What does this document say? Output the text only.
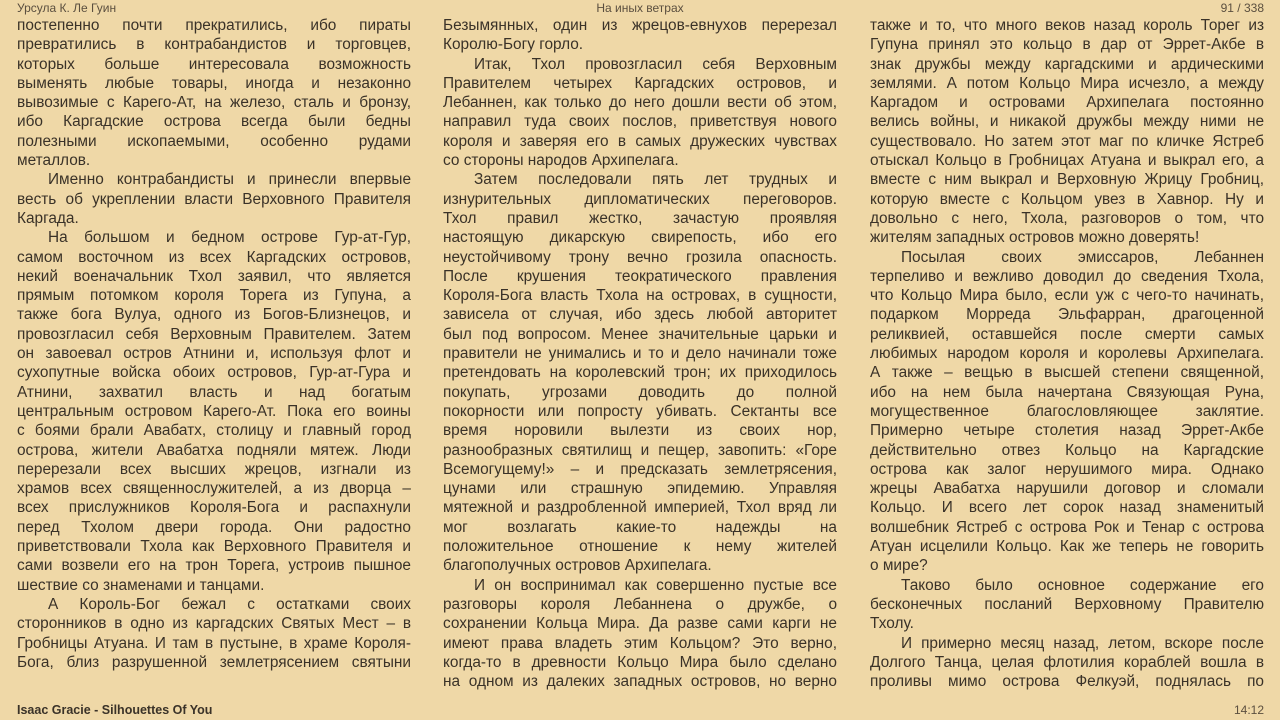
Урсула К. Ле Гуин	На иных ветрах	91 / 338
постепенно почти прекратились, ибо пираты
превратились в контрабандистов и торговцев,
которых больше интересовала возможность
выменять любые товары, иногда и незаконно
вывозимые с Карего-Ат, на железо, сталь и бронзу,
ибо Каргадские острова всегда были бедны
полезными ископаемыми, особенно рудами
металлов.
Именно контрабандисты и принесли впервые
весть об укреплении власти Верховного Правителя
Каргада.
На большом и бедном острове Гур-ат-Гур,
самом восточном из всех Каргадских островов,
некий военачальник Тхол заявил, что является
прямым потомком короля Торега из Гупуна, а
также бога Вулуа, одного из Богов-Близнецов, и
провозгласил себя Верховным Правителем. Затем
он завоевал остров Атнини и, используя флот и
сухопутные войска обоих островов, Гур-ат-Гура и
Атнини, захватил власть и над богатым
центральным островом Карего-Ат. Пока его воины
с боями брали Авабатх, столицу и главный город
острова, жители Авабатха подняли мятеж. Люди
перерезали всех высших жрецов, изгнали из
храмов всех священнослужителей, а из дворца –
всех прислужников Короля-Бога и распахнули
перед Тхолом двери города. Они радостно
приветствовали Тхола как Верховного Правителя и
сами возвели его на трон Торега, устроив пышное
шествие со знаменами и танцами.
А Король-Бог бежал с остатками своих
сторонников в одно из каргадских Святых Мест – в
Гробницы Атуана. И там в пустыне, в храме Короля-
Бога, близ разрушенной землетрясением святыни
Безымянных, один из жрецов-евнухов перерезал
Королю-Богу горло.
Итак, Тхол провозгласил себя Верховным
Правителем четырех Каргадских островов, и
Лебаннен, как только до него дошли вести об этом,
направил туда своих послов, приветствуя нового
короля и заверяя его в самых дружеских чувствах
со стороны народов Архипелага.
Затем последовали пять лет трудных и
изнурительных дипломатических переговоров.
Тхол правил жестко, зачастую проявляя
настоящую дикарскую свирепость, ибо его
неустойчивому трону вечно грозила опасность.
После крушения теократического правления
Короля-Бога власть Тхола на островах, в сущности,
зависела от случая, ибо здесь любой авторитет
был под вопросом. Менее значительные царьки и
правители не унимались и то и дело начинали тоже
претендовать на королевский трон; их приходилось
покупать, угрозами доводить до полной
покорности или попросту убивать. Сектанты все
время норовили вылезти из своих нор,
разнообразных святилищ и пещер, завопить: «Горе
Всемогущему!» – и предсказать землетрясения,
цунами или страшную эпидемию. Управляя
мятежной и раздробленной империей, Тхол вряд ли
мог возлагать какие-то надежды на
положительное отношение к нему жителей
благополучных островов Архипелага.
И он воспринимал как совершенно пустые все
разговоры короля Лебаннена о дружбе, о
сохранении Кольца Мира. Да разве сами карги не
имеют права владеть этим Кольцом? Это верно,
когда-то в древности Кольцо Мира было сделано
на одном из далеких западных островов, но верно
также и то, что много веков назад король Торег из
Гупуна принял это кольцо в дар от Эррет-Акбе в
знак дружбы между каргадскими и ардическими
землями. А потом Кольцо Мира исчезло, а между
Каргадом и островами Архипелага постоянно
велись войны, и никакой дружбы между ними не
существовало. Но затем этот маг по кличке Ястреб
отыскал Кольцо в Гробницах Атуана и выкрал его, а
вместе с ним выкрал и Верховную Жрицу Гробниц,
которую вместе с Кольцом увез в Хавнор. Ну и
довольно с него, Тхола, разговоров о том, что
жителям западных островов можно доверять!
Посылая своих эмиссаров, Лебаннен
терпеливо и вежливо доводил до сведения Тхола,
что Кольцо Мира было, если уж с чего-то начинать,
подарком Морреда Эльфарран, драгоценной
реликвией, оставшейся после смерти самых
любимых народом короля и королевы Архипелага.
А также – вещью в высшей степени священной,
ибо на нем была начертана Связующая Руна,
могущественное благословляющее заклятие.
Примерно четыре столетия назад Эррет-Акбе
действительно отвез Кольцо на Каргадские
острова как залог нерушимого мира. Однако
жрецы Авабатха нарушили договор и сломали
Кольцо. И всего лет сорок назад знаменитый
волшебник Ястреб с острова Рок и Тенар с острова
Атуан исцелили Кольцо. Как же теперь не говорить
о мире?
Таково было основное содержание его
бесконечных посланий Верховному Правителю
Тхолу.
И примерно месяц назад, летом, вскоре после
Долгого Танца, целая флотилия кораблей вошла в
проливы мимо острова Фелкуэй, поднялась по
Isaac Gracie - Silhouettes Of You	14:12
